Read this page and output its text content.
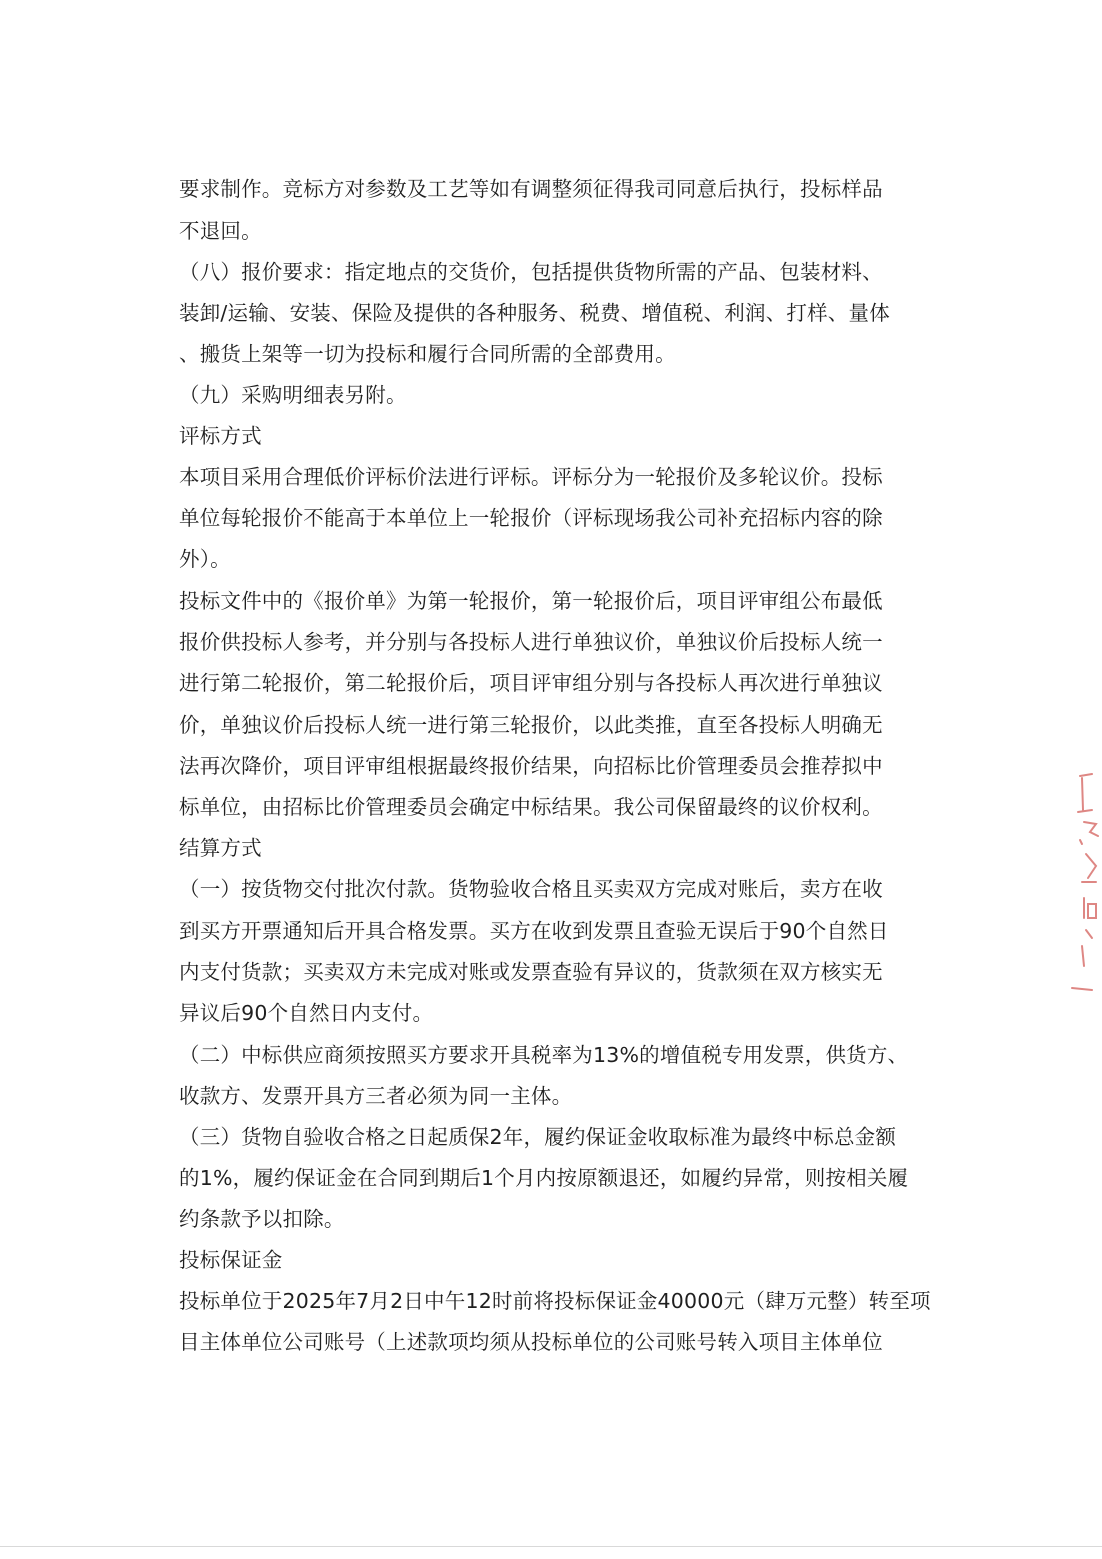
要求制作。竞标方对参数及工艺等如有调整须征得我司同意后执行，投标样品
不退回。
（八）报价要求：指定地点的交货价，包括提供货物所需的产品、包装材料、
装卸/运输、安装、保险及提供的各种服务、税费、增值税、利润、打样、量体
、搬货上架等一切为投标和履行合同所需的全部费用。
（九）采购明细表另附。
评标方式
本项目采用合理低价评标价法进行评标。评标分为一轮报价及多轮议价。投标
单位每轮报价不能高于本单位上一轮报价（评标现场我公司补充招标内容的除
外）。
投标文件中的《报价单》为第一轮报价，第一轮报价后，项目评审组公布最低
报价供投标人参考，并分别与各投标人进行单独议价，单独议价后投标人统一
进行第二轮报价，第二轮报价后，项目评审组分别与各投标人再次进行单独议
价，单独议价后投标人统一进行第三轮报价，以此类推，直至各投标人明确无
法再次降价，项目评审组根据最终报价结果，向招标比价管理委员会推荐拟中
标单位，由招标比价管理委员会确定中标结果。我公司保留最终的议价权利。
结算方式
（一）按货物交付批次付款。货物验收合格且买卖双方完成对账后，卖方在收
到买方开票通知后开具合格发票。买方在收到发票且查验无误后于90个自然日
内支付货款；买卖双方未完成对账或发票查验有异议的，货款须在双方核实无
异议后90个自然日内支付。
（二）中标供应商须按照买方要求开具税率为13%的增值税专用发票，供货方、
收款方、发票开具方三者必须为同一主体。
（三）货物自验收合格之日起质保2年，履约保证金收取标准为最终中标总金额
的1%，履约保证金在合同到期后1个月内按原额退还，如履约异常，则按相关履
约条款予以扣除。
投标保证金
投标单位于2025年7月2日中午12时前将投标保证金40000元（肆万元整）转至项
目主体单位公司账号（上述款项均须从投标单位的公司账号转入项目主体单位
